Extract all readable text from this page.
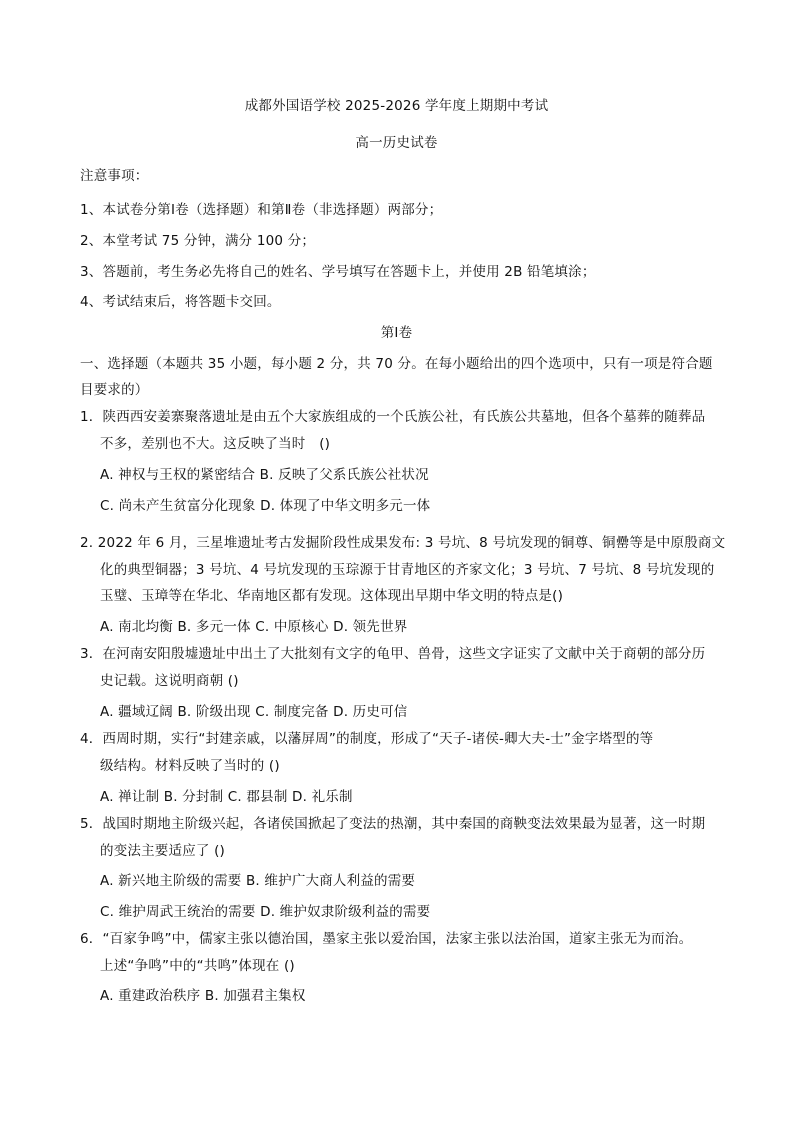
成都外国语学校 2025-2026 学年度上期期中考试
高一历史试卷
注意事项：
1、本试卷分第Ⅰ卷（选择题）和第Ⅱ卷（非选择题）两部分；
2、本堂考试 75 分钟，满分 100 分；
3、答题前，考生务必先将自己的姓名、学号填写在答题卡上，并使用 2B 铅笔填涂；
4、考试结束后，将答题卡交回。
第Ⅰ卷
一、选择题（本题共 35 小题，每小题 2 分，共 70 分。在每小题给出的四个选项中，只有一项是符合题
目要求的）
1．陕西西安姜寨聚落遗址是由五个大家族组成的一个氏族公社，有氏族公共墓地，但各个墓葬的随葬品
不多，差别也不大。这反映了当时　()
A. 神权与王权的紧密结合 B. 反映了父系氏族公社状况
C. 尚未产生贫富分化现象 D. 体现了中华文明多元一体
2. 2022 年 6 月，三星堆遗址考古发掘阶段性成果发布: 3 号坑、8 号坑发现的铜尊、铜罍等是中原殷商文
化的典型铜器；3 号坑、4 号坑发现的玉琮源于甘青地区的齐家文化；3 号坑、7 号坑、8 号坑发现的
玉璧、玉璋等在华北、华南地区都有发现。这体现出早期中华文明的特点是()
A. 南北均衡 B. 多元一体 C. 中原核心 D. 领先世界
3．在河南安阳殷墟遗址中出土了大批刻有文字的龟甲、兽骨，这些文字证实了文献中关于商朝的部分历
史记载。这说明商朝 ()
A. 疆域辽阔 B. 阶级出现 C. 制度完备 D. 历史可信
4．西周时期，实行“封建亲戚，以藩屏周”的制度，形成了“天子-诸侯-卿大夫-士”金字塔型的等
级结构。材料反映了当时的 ()
A. 禅让制 B. 分封制 C. 郡县制 D. 礼乐制
5．战国时期地主阶级兴起，各诸侯国掀起了变法的热潮，其中秦国的商鞅变法效果最为显著，这一时期
的变法主要适应了 ()
A. 新兴地主阶级的需要 B. 维护广大商人利益的需要
C. 维护周武王统治的需要 D. 维护奴隶阶级利益的需要
6．“百家争鸣”中，儒家主张以德治国，墨家主张以爱治国，法家主张以法治国，道家主张无为而治。
上述“争鸣”中的“共鸣”体现在 ()
A. 重建政治秩序 B. 加强君主集权
